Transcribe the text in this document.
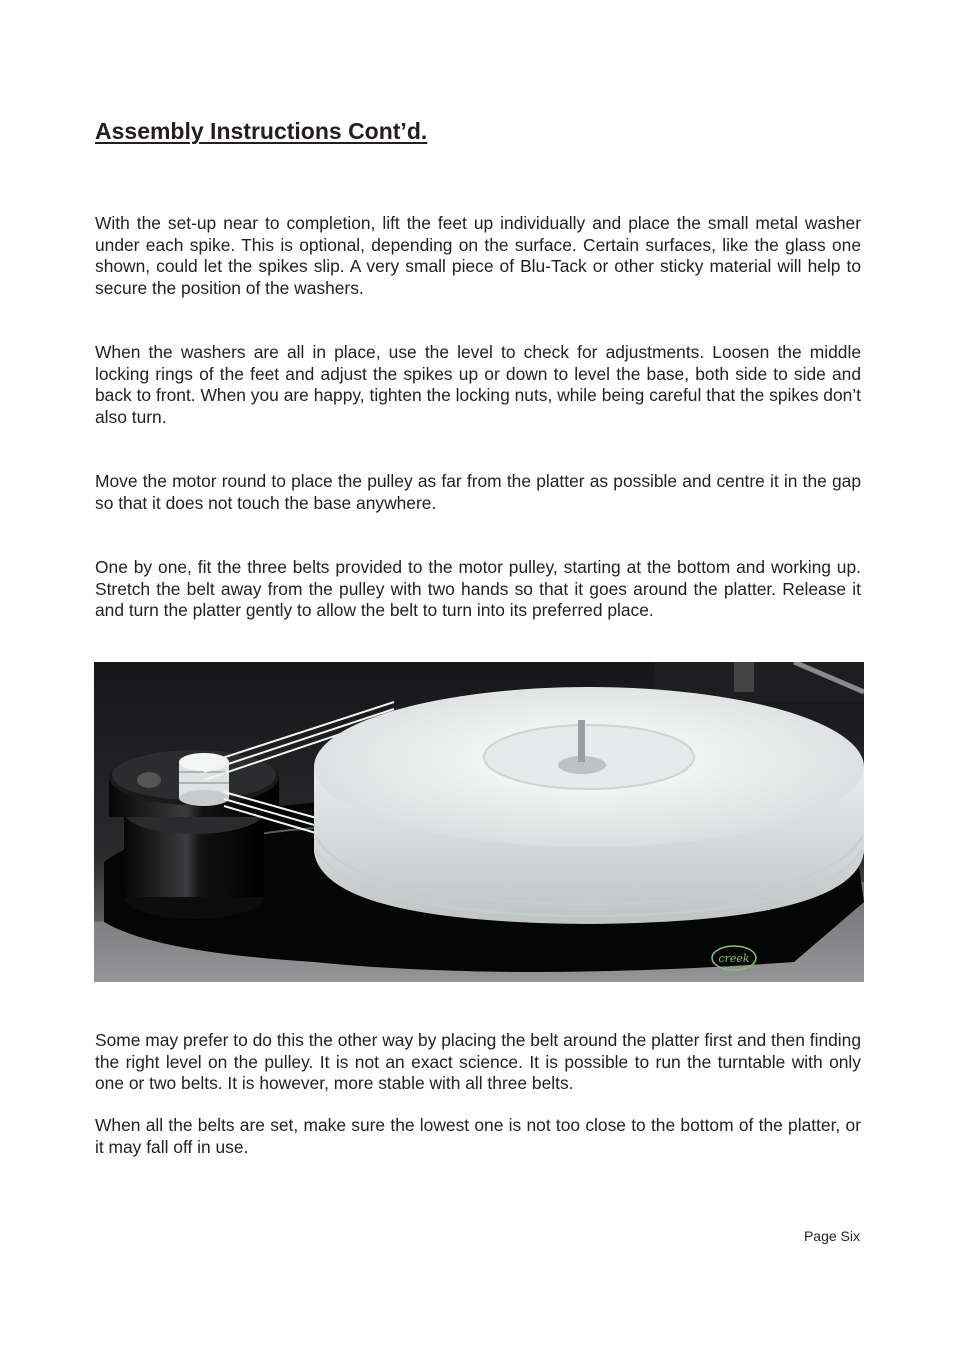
Assembly Instructions Cont’d.

With the set-up near to completion, lift the feet up individually and place the small metal washer under each spike. This is optional, depending on the surface. Certain surfaces, like the glass one shown, could let the spikes slip. A very small piece of Blu-Tack or other sticky material will help to secure the position of the washers.

When the washers are all in place, use the level to check for adjustments. Loosen the middle locking rings of the feet and adjust the spikes up or down to level the base, both side to side and back to front. When you are happy, tighten the locking nuts, while being careful that the spikes don’t also turn.

Move the motor round to place the pulley as far from the platter as possible and centre it in the gap so that it does not touch the base anywhere.

One by one, fit the three belts provided to the motor pulley, starting at the bottom and working up. Stretch the belt away from the pulley with two hands so that it goes around the platter. Release it and turn the platter gently to allow the belt to turn into its preferred place.

creek

Some may prefer to do this the other way by placing the belt around the platter first and then finding the right level on the pulley. It is not an exact science. It is possible to run the turntable with only one or two belts. It is however, more stable with all three belts.

When all the belts are set, make sure the lowest one is not too close to the bottom of the platter, or it may fall off in use.

Page Six
